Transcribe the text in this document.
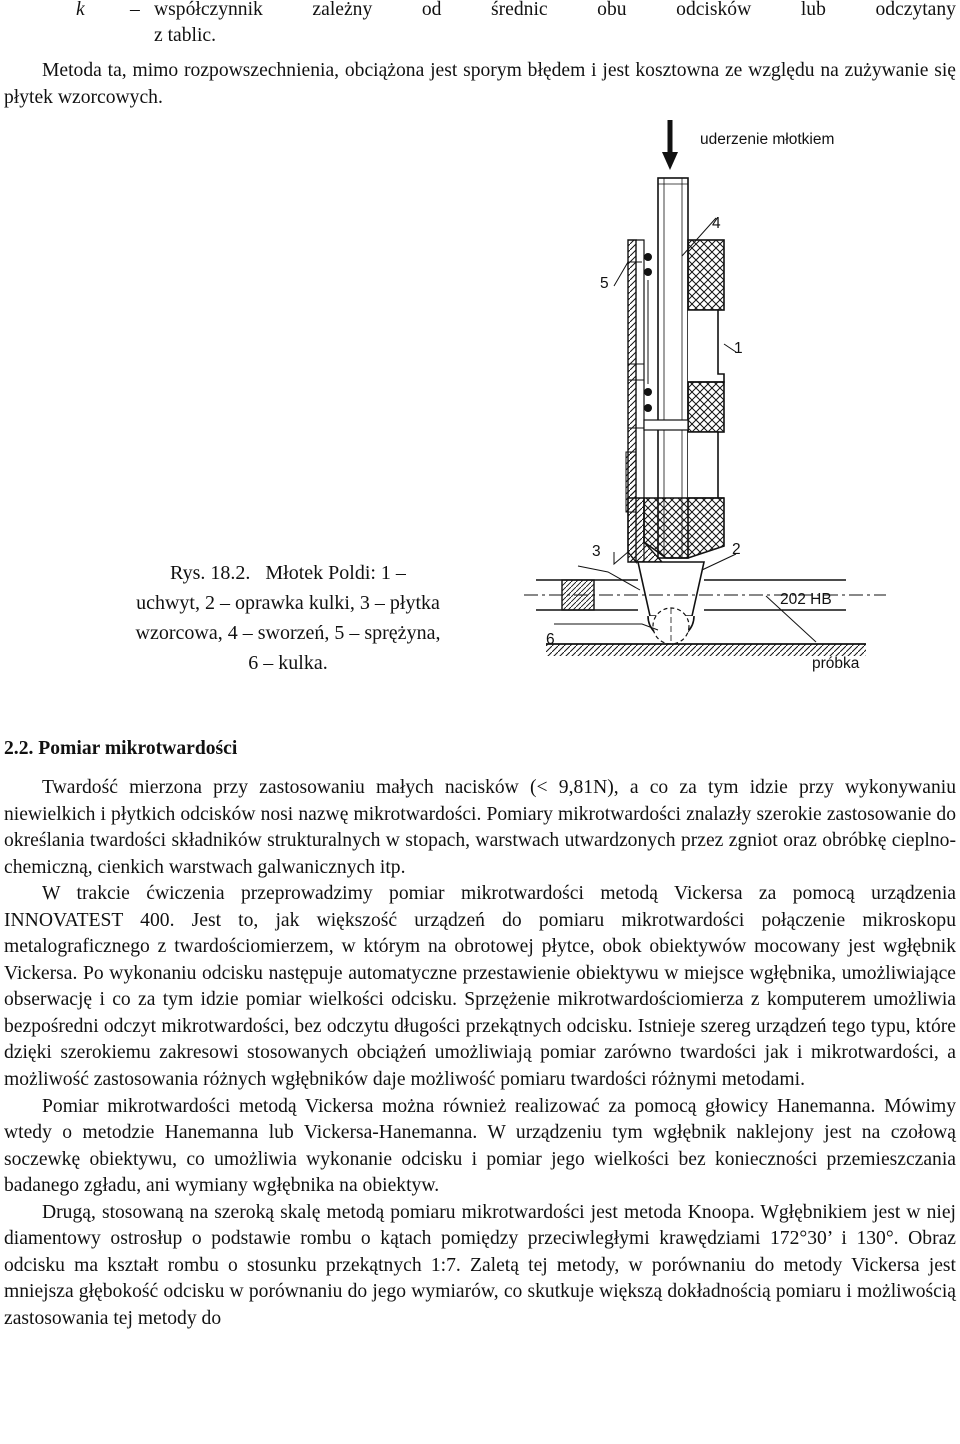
k – współczynnik	zależny	od	średnic	obu	odcisków	lub	odczytany
z tablic.

Metoda ta, mimo rozpowszechnienia, obciążona jest sporym błędem i jest kosztowna ze względu na zużywanie się płytek wzorcowych.

Rys. 18.2.   Młotek Poldi: 1 –
uchwyt, 2 – oprawka kulki, 3 – płytka
wzorcowa, 4 – sworzeń, 5 – sprężyna,
6 – kulka.
uderzenie młotkiem
4
5
1
3	2
6
202 HB
próbka
2.2. Pomiar mikrotwardości

Twardość mierzona przy zastosowaniu małych nacisków (< 9,81N), a co za tym idzie przy wykonywaniu niewielkich i płytkich odcisków nosi nazwę mikrotwardości. Pomiary mikrotwardości znalazły szerokie zastosowanie do określania twardości składników strukturalnych w stopach, warstwach utwardzonych przez zgniot oraz obróbkę cieplno-chemiczną, cienkich warstwach galwanicznych itp.

W trakcie ćwiczenia przeprowadzimy pomiar mikrotwardości metodą Vickersa za pomocą urządzenia INNOVATEST 400. Jest to, jak większość urządzeń do pomiaru mikrotwardości połączenie mikroskopu metalograficznego z twardościomierzem, w którym na obrotowej płytce, obok obiektywów mocowany jest wgłębnik Vickersa. Po wykonaniu odcisku następuje automatyczne przestawienie obiektywu w miejsce wgłębnika, umożliwiające obserwację i co za tym idzie pomiar wielkości odcisku. Sprzężenie mikrotwardościomierza z komputerem umożliwia bezpośredni odczyt mikrotwardości, bez odczytu długości przekątnych odcisku. Istnieje szereg urządzeń tego typu, które dzięki szerokiemu zakresowi stosowanych obciążeń umożliwiają pomiar zarówno twardości jak i mikrotwardości, a możliwość zastosowania różnych wgłębników daje możliwość pomiaru twardości różnymi metodami.

Pomiar mikrotwardości metodą Vickersa można również realizować za pomocą głowicy Hanemanna. Mówimy wtedy o metodzie Hanemanna lub Vickersa-Hanemanna. W urządzeniu tym wgłębnik naklejony jest na czołową soczewkę obiektywu, co umożliwia wykonanie odcisku i pomiar jego wielkości bez konieczności przemieszczania badanego zgładu, ani wymiany wgłębnika na obiektyw.

Drugą, stosowaną na szeroką skalę metodą pomiaru mikrotwardości jest metoda Knoopa. Wgłębnikiem jest w niej diamentowy ostrosłup o podstawie rombu o kątach pomiędzy przeciwległymi krawędziami 172°30’ i 130°. Obraz odcisku ma kształt rombu o stosunku przekątnych 1:7. Zaletą tej metody, w porównaniu do metody Vickersa jest mniejsza głębokość odcisku w porównaniu do jego wymiarów, co skutkuje większą dokładnością pomiaru i możliwością zastosowania tej metody do
